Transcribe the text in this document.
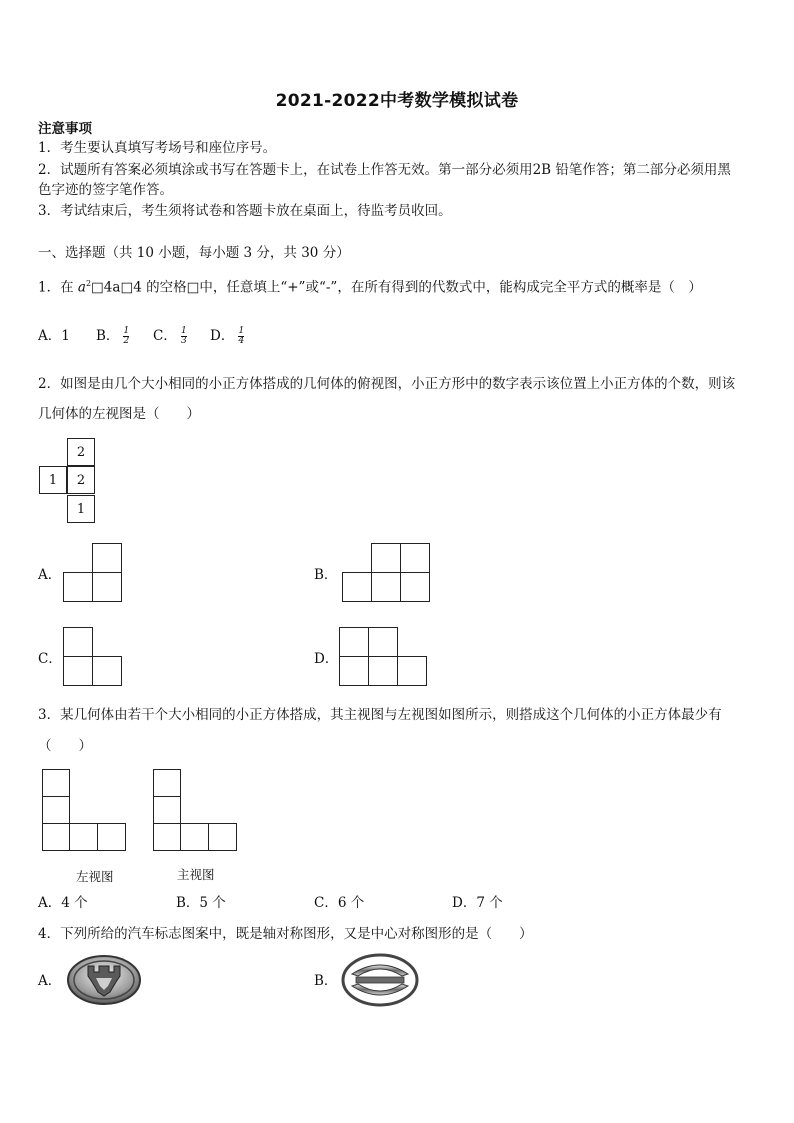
2021-2022中考数学模拟试卷
注意事项
1．考生要认真填写考场号和座位序号。
2．试题所有答案必须填涂或书写在答题卡上，在试卷上作答无效。第一部分必须用2B 铅笔作答；第二部分必须用黑
色字迹的签字笔作答。
3．考试结束后，考生须将试卷和答题卡放在桌面上，待监考员收回。
一、选择题（共 10 小题，每小题 3 分，共 30 分）
1．在 $a^2□4a□4$ 的空格□中，任意填上“+”或“-”，在所有得到的代数式中，能构成完全平方式的概率是（　）
A．1 B． $\frac{1}{2}$ C． $\frac{1}{3}$ D． $\frac{1}{4}$
2．如图是由几个大小相同的小正方体搭成的几何体的俯视图，小正方形中的数字表示该位置上小正方体的个数，则该
几何体的左视图是（　　）
2
1	2
1
A．	B．
C．	D．
3．某几何体由若干个大小相同的小正方体搭成，其主视图与左视图如图所示，则搭成这个几何体的小正方体最少有
（　　）
左视图	主视图
A．4 个	B．5 个	C．6 个	D．7 个
4．下列所给的汽车标志图案中，既是轴对称图形，又是中心对称图形的是（　　）
A．	B．
